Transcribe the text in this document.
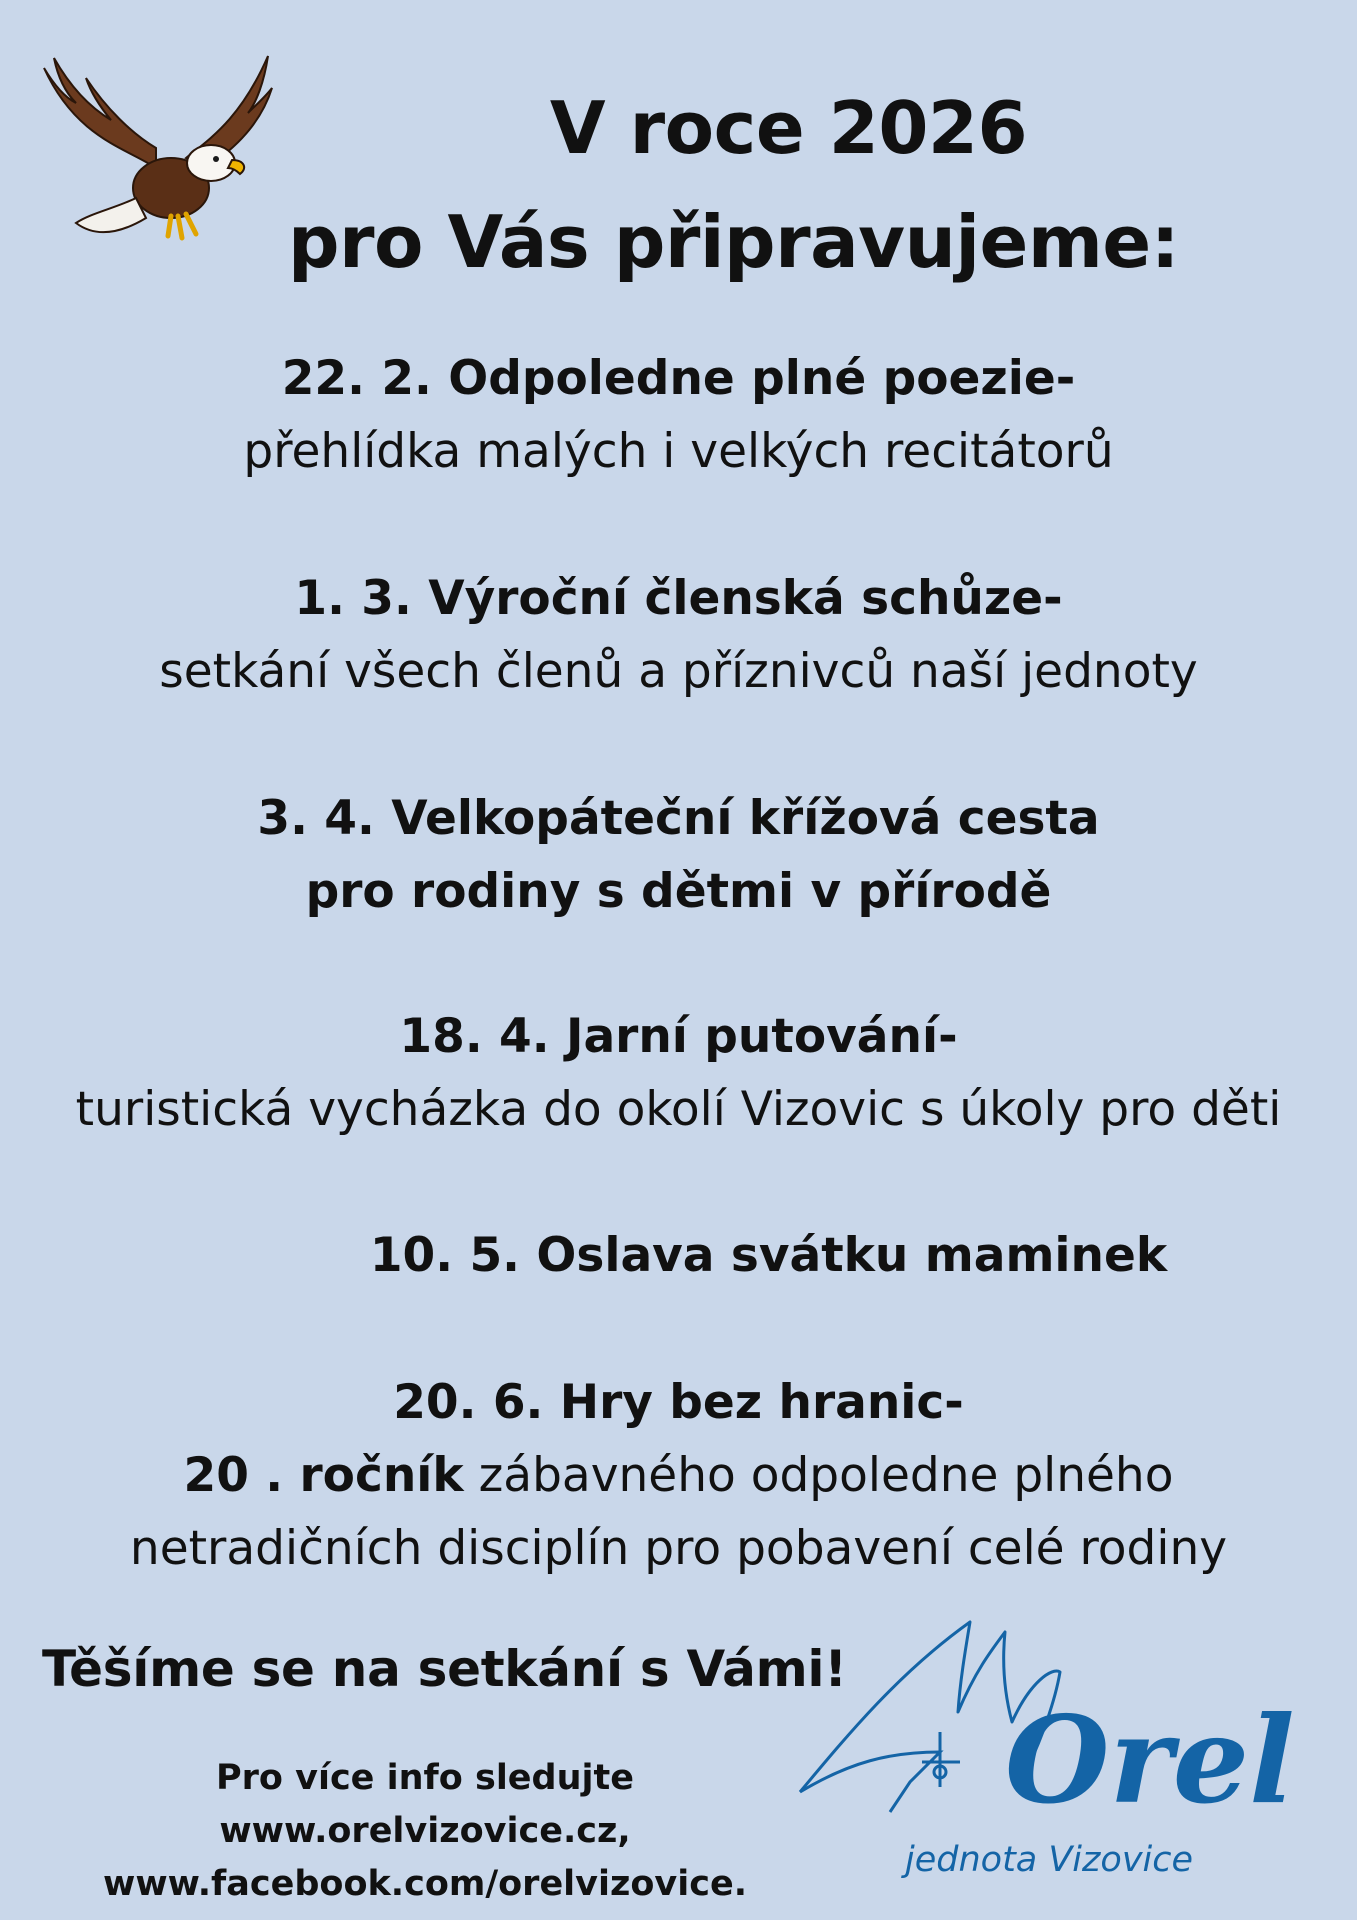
V roce 2026
pro Vás připravujeme:
22. 2. Odpoledne plné poezie-
přehlídka malých i velkých recitátorů
1. 3. Výroční členská schůze-
setkání všech členů a příznivců naší jednoty
3. 4. Velkopáteční křížová cesta
pro rodiny s dětmi v přírodě
18. 4. Jarní putování-
turistická vycházka do okolí Vizovic s úkoly pro děti
10. 5. Oslava svátku maminek
20. 6. Hry bez hranic-
20 . ročník zábavného odpoledne plného
netradičních disciplín pro pobavení celé rodiny
Těšíme se na setkání s Vámi!
Pro více info sledujte
www.orelvizovice.cz,
www.facebook.com/orelvizovice.
Orel
jednota Vizovice
